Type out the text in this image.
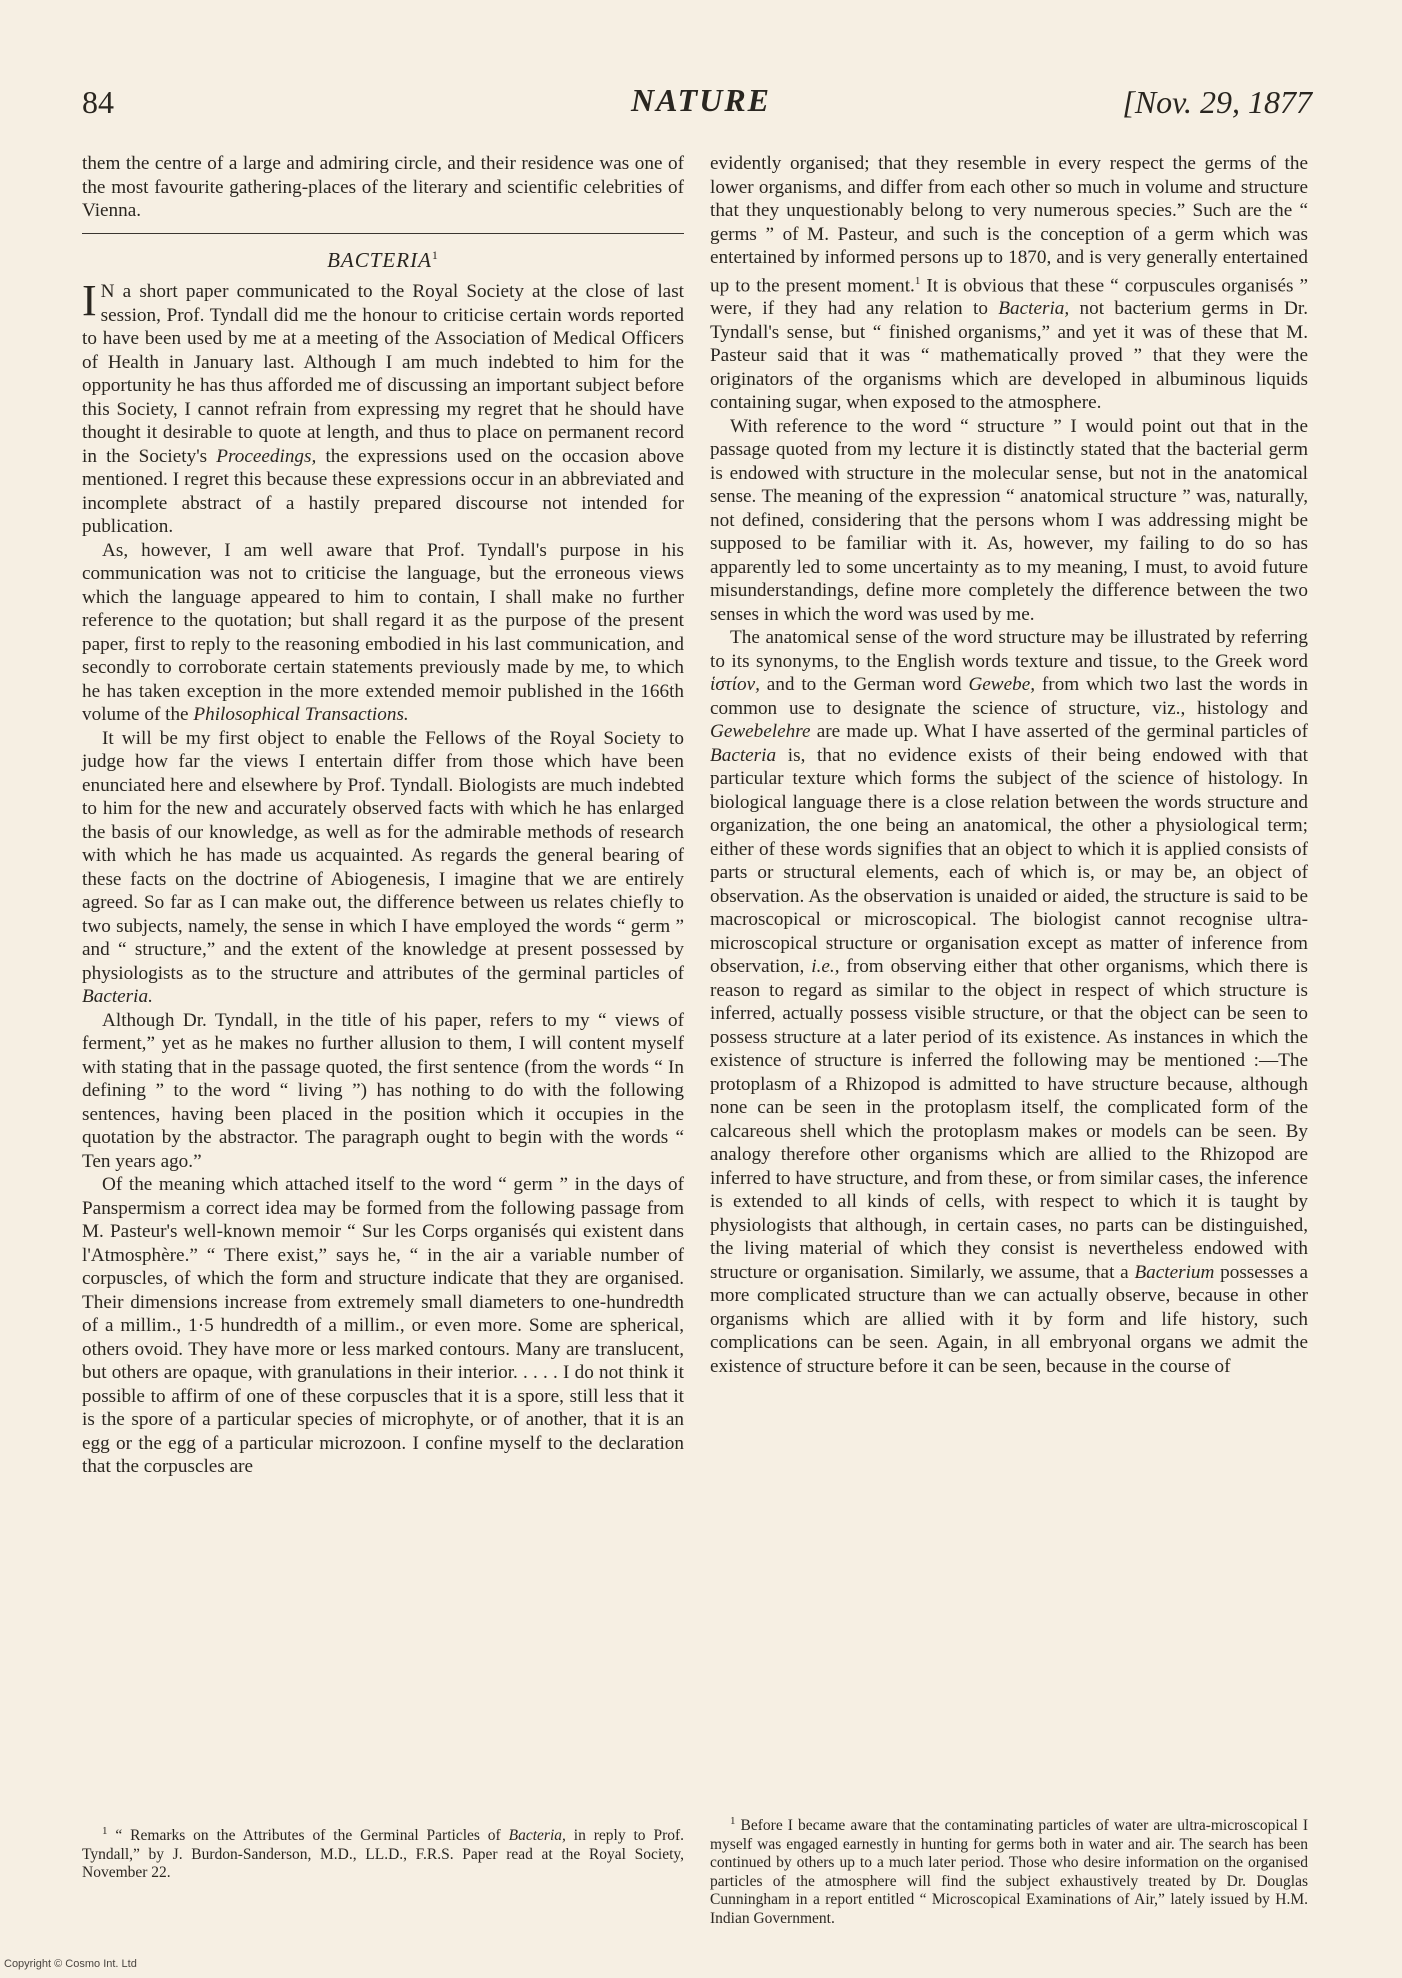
84	NATURE	[Nov. 29, 1877

them the centre of a large and admiring circle, and their residence was one of the most favourite gathering-places of the literary and scientific celebrities of Vienna.

BACTERIA$^1$

I N a short paper communicated to the Royal Society at the close of last session, Prof. Tyndall did me the honour to criticise certain words reported to have been used by me at a meeting of the Association of Medical Officers of Health in January last. Although I am much indebted to him for the opportunity he has thus afforded me of discussing an important subject before this Society, I cannot refrain from expressing my regret that he should have thought it desirable to quote at length, and thus to place on permanent record in the Society's Proceedings, the expressions used on the occasion above mentioned. I regret this because these expressions occur in an abbreviated and incomplete abstract of a hastily prepared discourse not intended for publication.

As, however, I am well aware that Prof. Tyndall's purpose in his communication was not to criticise the language, but the erroneous views which the language appeared to him to contain, I shall make no further reference to the quotation; but shall regard it as the purpose of the present paper, first to reply to the reasoning embodied in his last communication, and secondly to corroborate certain statements previously made by me, to which he has taken exception in the more extended memoir published in the 166th volume of the Philosophical Transactions.

It will be my first object to enable the Fellows of the Royal Society to judge how far the views I entertain differ from those which have been enunciated here and elsewhere by Prof. Tyndall. Biologists are much indebted to him for the new and accurately observed facts with which he has enlarged the basis of our knowledge, as well as for the admirable methods of research with which he has made us acquainted. As regards the general bearing of these facts on the doctrine of Abiogenesis, I imagine that we are entirely agreed. So far as I can make out, the difference between us relates chiefly to two subjects, namely, the sense in which I have employed the words “ germ ” and “ structure,” and the extent of the knowledge at present possessed by physiologists as to the structure and attributes of the germinal particles of Bacteria.

Although Dr. Tyndall, in the title of his paper, refers to my “ views of ferment,” yet as he makes no further allusion to them, I will content myself with stating that in the passage quoted, the first sentence (from the words “ In defining ” to the word “ living ”) has nothing to do with the following sentences, having been placed in the position which it occupies in the quotation by the abstractor. The paragraph ought to begin with the words “ Ten years ago.”

Of the meaning which attached itself to the word “ germ ” in the days of Panspermism a correct idea may be formed from the following passage from M. Pasteur's well-known memoir “ Sur les Corps organisés qui existent dans l'Atmosphère.” “ There exist,” says he, “ in the air a variable number of corpuscles, of which the form and structure indicate that they are organised. Their dimensions increase from extremely small diameters to one-hundredth of a millim., 1·5 hundredth of a millim., or even more. Some are spherical, others ovoid. They have more or less marked contours. Many are translucent, but others are opaque, with granulations in their interior. . . . . I do not think it possible to affirm of one of these corpuscles that it is a spore, still less that it is the spore of a particular species of microphyte, or of another, that it is an egg or the egg of a particular microzoon. I confine myself to the declaration that the corpuscles are

$^1$ “ Remarks on the Attributes of the Germinal Particles of Bacteria, in reply to Prof. Tyndall,” by J. Burdon-Sanderson, M.D., LL.D., F.R.S. Paper read at the Royal Society, November 22.

evidently organised; that they resemble in every respect the germs of the lower organisms, and differ from each other so much in volume and structure that they unquestionably belong to very numerous species.” Such are the “ germs ” of M. Pasteur, and such is the conception of a germ which was entertained by informed persons up to 1870, and is very generally entertained up to the present moment.$^1$ It is obvious that these “ corpuscules organisés ” were, if they had any relation to Bacteria, not bacterium germs in Dr. Tyndall's sense, but “ finished organisms,” and yet it was of these that M. Pasteur said that it was “ mathematically proved ” that they were the originators of the organisms which are developed in albuminous liquids containing sugar, when exposed to the atmosphere.

With reference to the word “ structure ” I would point out that in the passage quoted from my lecture it is distinctly stated that the bacterial germ is endowed with structure in the molecular sense, but not in the anatomical sense. The meaning of the expression “ anatomical structure ” was, naturally, not defined, considering that the persons whom I was addressing might be supposed to be familiar with it. As, however, my failing to do so has apparently led to some uncertainty as to my meaning, I must, to avoid future misunderstandings, define more completely the difference between the two senses in which the word was used by me.

The anatomical sense of the word structure may be illustrated by referring to its synonyms, to the English words texture and tissue, to the Greek word ἱστίον, and to the German word Gewebe, from which two last the words in common use to designate the science of structure, viz., histology and Gewebelehre are made up. What I have asserted of the germinal particles of Bacteria is, that no evidence exists of their being endowed with that particular texture which forms the subject of the science of histology. In biological language there is a close relation between the words structure and organization, the one being an anatomical, the other a physiological term; either of these words signifies that an object to which it is applied consists of parts or structural elements, each of which is, or may be, an object of observation. As the observation is unaided or aided, the structure is said to be macroscopical or microscopical. The biologist cannot recognise ultra-microscopical structure or organisation except as matter of inference from observation, i.e., from observing either that other organisms, which there is reason to regard as similar to the object in respect of which structure is inferred, actually possess visible structure, or that the object can be seen to possess structure at a later period of its existence. As instances in which the existence of structure is inferred the following may be mentioned :—The protoplasm of a Rhizopod is admitted to have structure because, although none can be seen in the protoplasm itself, the complicated form of the calcareous shell which the protoplasm makes or models can be seen. By analogy therefore other organisms which are allied to the Rhizopod are inferred to have structure, and from these, or from similar cases, the inference is extended to all kinds of cells, with respect to which it is taught by physiologists that although, in certain cases, no parts can be distinguished, the living material of which they consist is nevertheless endowed with structure or organisation. Similarly, we assume, that a Bacterium possesses a more complicated structure than we can actually observe, because in other organisms which are allied with it by form and life history, such complications can be seen. Again, in all embryonal organs we admit the existence of structure before it can be seen, because in the course of

$^1$ Before I became aware that the contaminating particles of water are ultra-microscopical I myself was engaged earnestly in hunting for germs both in water and air. The search has been continued by others up to a much later period. Those who desire information on the organised particles of the atmosphere will find the subject exhaustively treated by Dr. Douglas Cunningham in a report entitled “ Microscopical Examinations of Air,” lately issued by H.M. Indian Government.

Copyright © Cosmo Int. Ltd
